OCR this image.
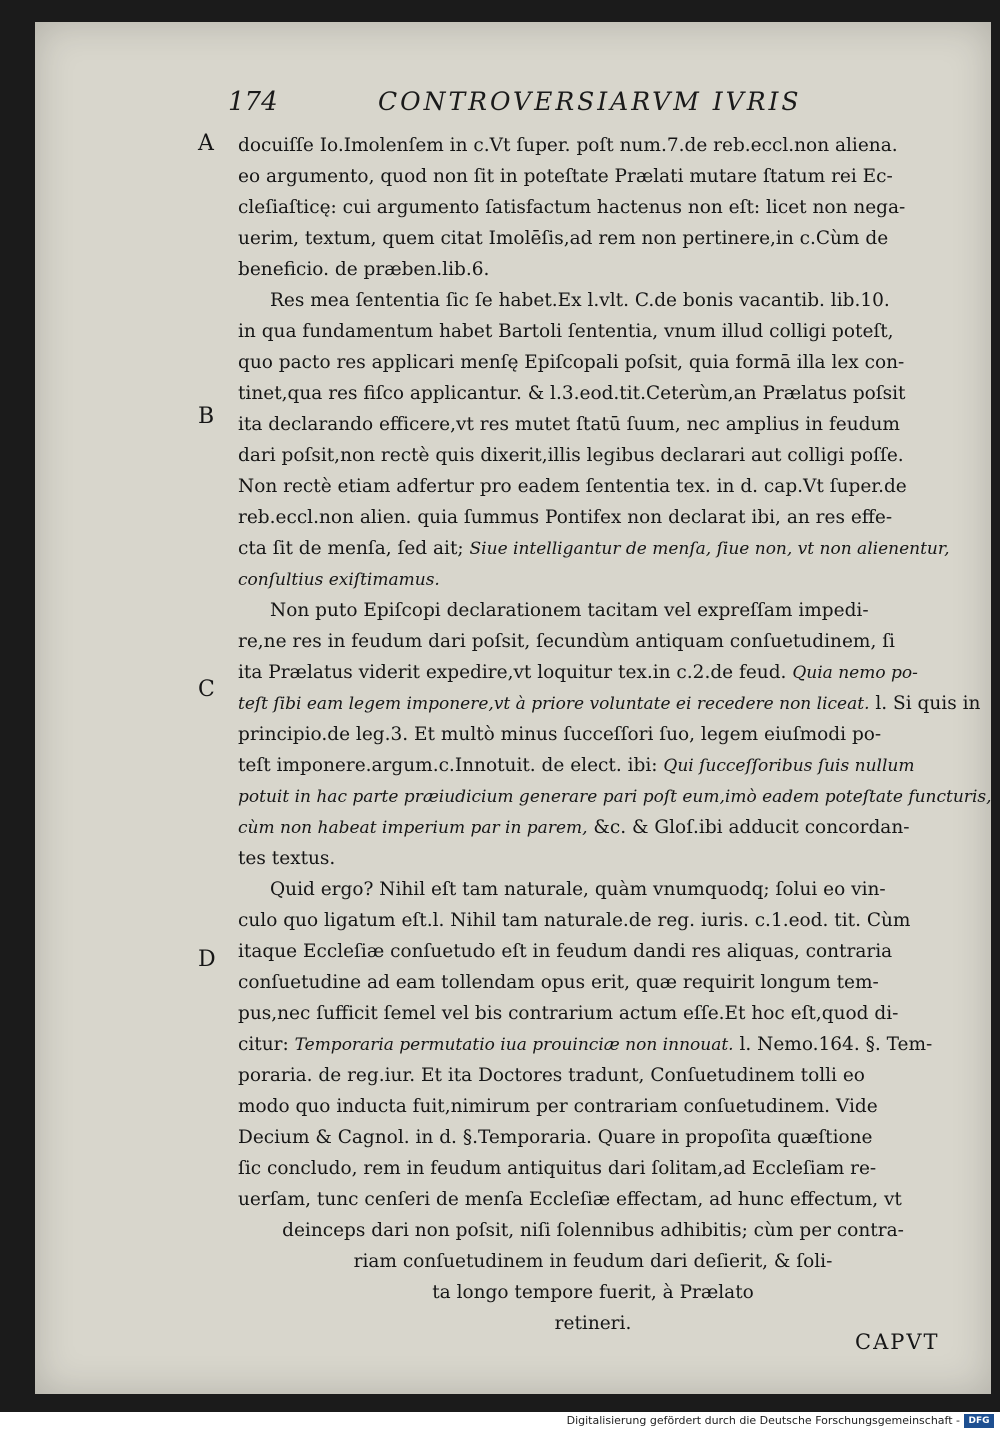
174	CONTROVERSIARVM IVRIS
A
B
C
D
docuiſſe Io.Imolenſem in c.Vt ſuper. poſt num.7.de reb.eccl.non aliena.
eo argumento, quod non ſit in poteſtate Prælati mutare ſtatum rei Ec-
cleſiaſticę: cui argumento ſatisfactum hactenus non eſt: licet non nega-
uerim, textum, quem citat Imolēſis,ad rem non pertinere,in c.Cùm de
beneficio. de præben.lib.6.
Res mea ſententia ſic ſe habet.Ex l.vlt. C.de bonis vacantib. lib.10.
in qua fundamentum habet Bartoli ſententia, vnum illud colligi poteſt,
quo pacto res applicari menſę Epiſcopali poſsit, quia formā illa lex con-
tinet,qua res fiſco applicantur. & l.3.eod.tit.Ceterùm,an Prælatus poſsit
ita declarando efficere,vt res mutet ſtatū ſuum, nec amplius in feudum
dari poſsit,non rectè quis dixerit,illis legibus declarari aut colligi poſſe.
Non rectè etiam adfertur pro eadem ſententia tex. in d. cap.Vt ſuper.de
reb.eccl.non alien. quia ſummus Pontifex non declarat ibi, an res effe-
cta ſit de menſa, ſed ait; Siue intelligantur de menſa, ſiue non, vt non alienentur,
conſultius exiſtimamus.
Non puto Epiſcopi declarationem tacitam vel expreſſam impedi-
re,ne res in feudum dari poſsit, ſecundùm antiquam conſuetudinem, ſi
ita Prælatus viderit expedire,vt loquitur tex.in c.2.de feud. Quia nemo po-
teſt ſibi eam legem imponere,vt à priore voluntate ei recedere non liceat. l. Si quis in
principio.de leg.3. Et multò minus ſucceſſori ſuo, legem eiuſmodi po-
teſt imponere.argum.c.Innotuit. de elect. ibi: Qui ſucceſſoribus ſuis nullum
potuit in hac parte præiudicium generare pari poſt eum,imò eadem poteſtate functuris,
cùm non habeat imperium par in parem, &c. & Gloſ.ibi adducit concordan-
tes textus.
Quid ergo? Nihil eſt tam naturale, quàm vnumquodq; ſolui eo vin-
culo quo ligatum eſt.l. Nihil tam naturale.de reg. iuris. c.1.eod. tit. Cùm
itaque Eccleſiæ conſuetudo eſt in feudum dandi res aliquas, contraria
conſuetudine ad eam tollendam opus erit, quæ requirit longum tem-
pus,nec ſufficit ſemel vel bis contrarium actum eſſe.Et hoc eſt,quod di-
citur: Temporaria permutatio iua prouinciæ non innouat. l. Nemo.164. §. Tem-
poraria. de reg.iur. Et ita Doctores tradunt, Conſuetudinem tolli eo
modo quo inducta fuit,nimirum per contrariam conſuetudinem. Vide
Decium & Cagnol. in d. §.Temporaria. Quare in propoſita quæſtione
ſic concludo, rem in feudum antiquitus dari ſolitam,ad Eccleſiam re-
uerſam, tunc cenſeri de menſa Eccleſiæ effectam, ad hunc effectum, vt
deinceps dari non poſsit, niſi ſolennibus adhibitis; cùm per contra-
riam conſuetudinem in feudum dari deſierit, & ſoli-
ta longo tempore fuerit, à Prælato
retineri.
CAPVT
Digitalisierung gefördert durch die Deutsche Forschungsgemeinschaft - DFG
